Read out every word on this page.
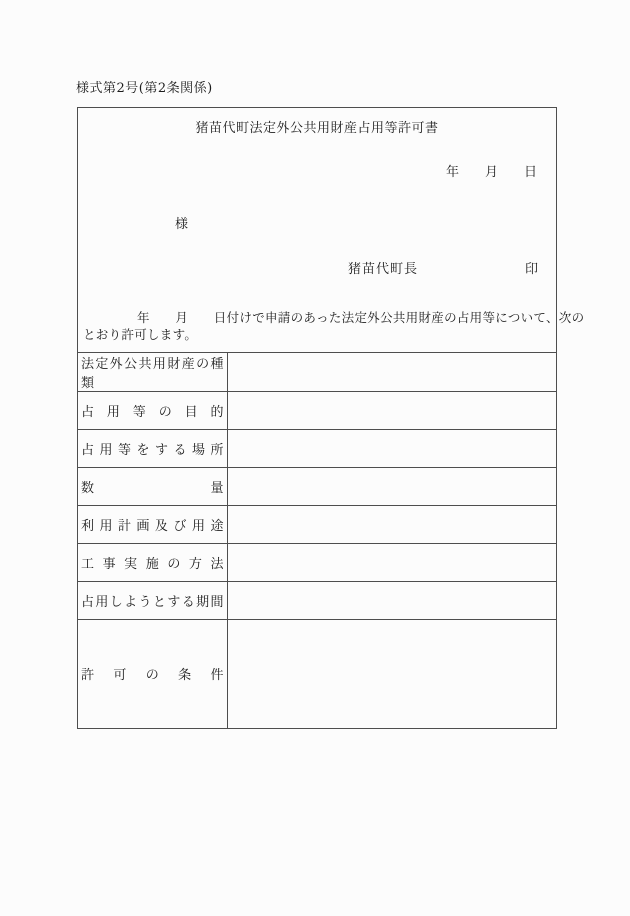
様式第2号(第2条関係)
猪苗代町法定外公共用財産占用等許可書
年　　月　　日
様
猪苗代町長	印
年　　月　　日付けで申請のあった法定外公共用財産の占用等について、次の
とおり許可します。
法定外公共用財産の種類	
占用等の目的	
占用等をする場所	
数量	
利用計画及び用途	
工事実施の方法	
占用しようとする期間	
許可の条件	
